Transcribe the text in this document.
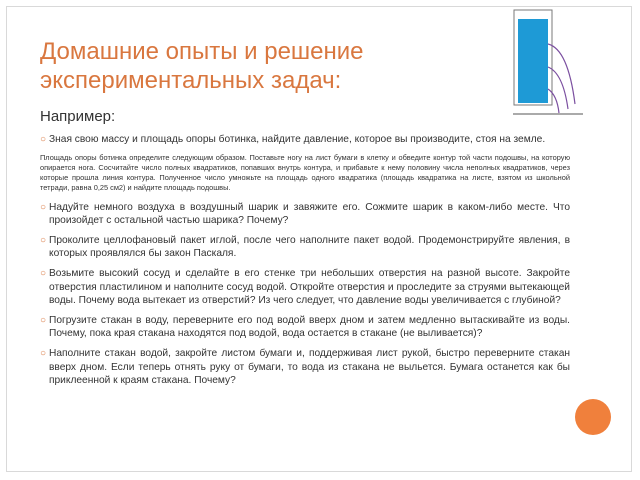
Домашние опыты и решение экспериментальных задач:
Например:
○ Зная свою массу и площадь опоры ботинка, найдите давление, которое вы производите, стоя на земле.
Площадь опоры ботинка определите следующим образом. Поставьте ногу на лист бумаги в клетку и обведите контур той части подошвы, на которую опирается нога. Сосчитайте число полных квадратиков, попавших внутрь контура, и прибавьте к нему половину числа неполных квадратиков, через которые прошла линия контура. Полученное число умножьте на площадь одного квадратика (площадь квадратика на листе, взятом из школьной тетради, равна 0,25 см2) и найдите площадь подошвы.
○ Надуйте немного воздуха в воздушный шарик и завяжите его. Сожмите шарик в каком-либо месте. Что произойдет с остальной частью шарика? Почему?
○ Проколите целлофановый пакет иглой, после чего наполните пакет водой. Продемонстрируйте явления, в которых проявлялся бы закон Паскаля.
○ Возьмите высокий сосуд и сделайте в его стенке три небольших отверстия на разной высоте. Закройте отверстия пластилином и наполните сосуд водой. Откройте отверстия и проследите за струями вытекающей воды. Почему вода вытекает из отверстий? Из чего следует, что давление воды увеличивается с глубиной?
○ Погрузите стакан в воду, переверните его под водой вверх дном и затем медленно вытаскивайте из воды. Почему, пока края стакана находятся под водой, вода остается в стакане (не выливается)?
○ Наполните стакан водой, закройте листом бумаги и, поддерживая лист рукой, быстро переверните стакан вверх дном. Если теперь отнять руку от бумаги, то вода из стакана не выльется. Бумага останется как бы приклеенной к краям стакана. Почему?
